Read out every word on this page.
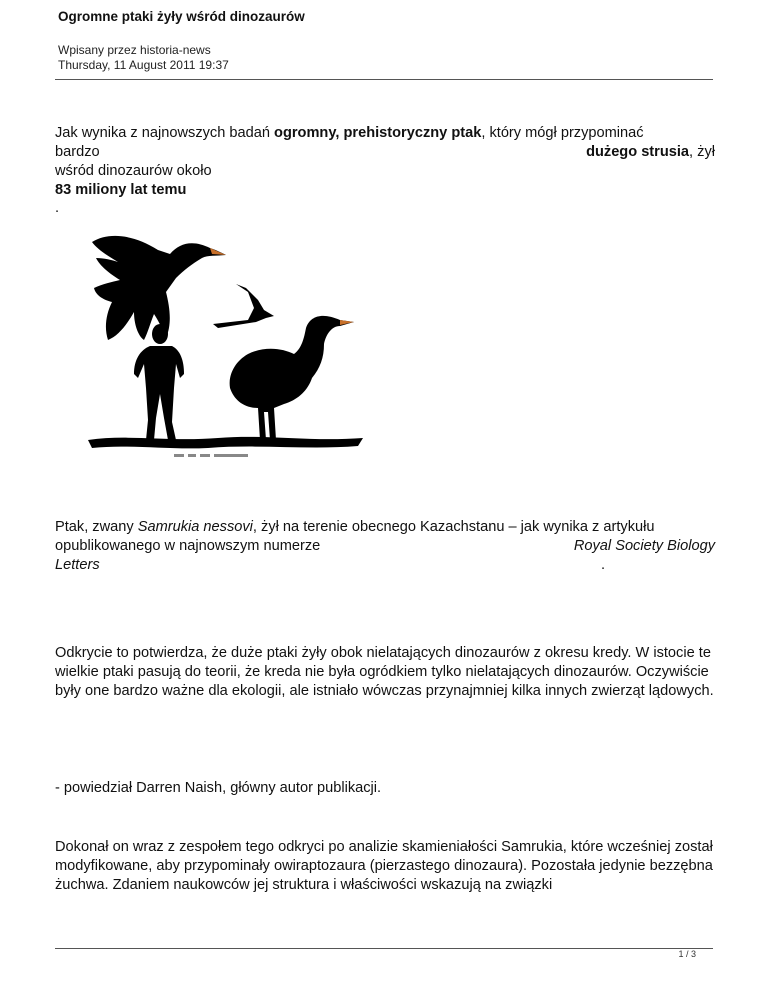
Ogromne ptaki żyły wśród dinozaurów
Wpisany przez historia-news
Thursday, 11 August 2011 19:37
Jak wynika z najnowszych badań ogromny, prehistoryczny ptak, który mógł przypominać
bardzo	dużego strusia, żył
wśród dinozaurów około
83 miliony lat temu
.
Ptak, zwany Samrukia nessovi, żył na terenie obecnego Kazachstanu – jak wynika z artykułu
opublikowanego w najnowszym numerze	Royal Society Biology
Letters	.

Odkrycie to potwierdza, że duże ptaki żyły obok nielatających dinozaurów z okresu kredy. W istocie te wielkie ptaki pasują do teorii, że kreda nie była ogródkiem tylko nielatających dinozaurów. Oczywiście były one bardzo ważne dla ekologii, ale istniało wówczas przynajmniej kilka innych zwierząt lądowych.

- powiedział Darren Naish, główny autor publikacji.

Dokonał on wraz z zespołem tego odkryci po analizie skamieniałości Samrukia, które wcześniej został modyfikowane, aby przypominały owiraptozaura (pierzastego dinozaura). Pozostała jedynie bezzębna żuchwa. Zdaniem naukowców jej struktura i właściwości wskazują na związki

1 / 3
